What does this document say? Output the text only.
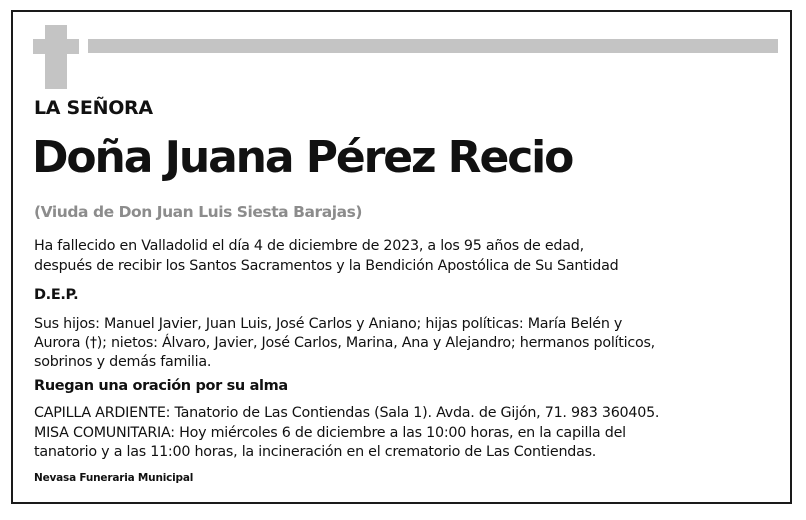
LA SEÑORA
Doña Juana Pérez Recio
(Viuda de Don Juan Luis Siesta Barajas)
Ha fallecido en Valladolid el día 4 de diciembre de 2023, a los 95 años de edad,
después de recibir los Santos Sacramentos y la Bendición Apostólica de Su Santidad
D.E.P.
Sus hijos: Manuel Javier, Juan Luis, José Carlos y Aniano; hijas políticas: María Belén y
Aurora (†); nietos: Álvaro, Javier, José Carlos, Marina, Ana y Alejandro; hermanos políticos,
sobrinos y demás familia.
Ruegan una oración por su alma
CAPILLA ARDIENTE: Tanatorio de Las Contiendas (Sala 1). Avda. de Gijón, 71. 983 360405.
MISA COMUNITARIA: Hoy miércoles 6 de diciembre a las 10:00 horas, en la capilla del
tanatorio y a las 11:00 horas, la incineración en el crematorio de Las Contiendas.
Nevasa Funeraria Municipal
